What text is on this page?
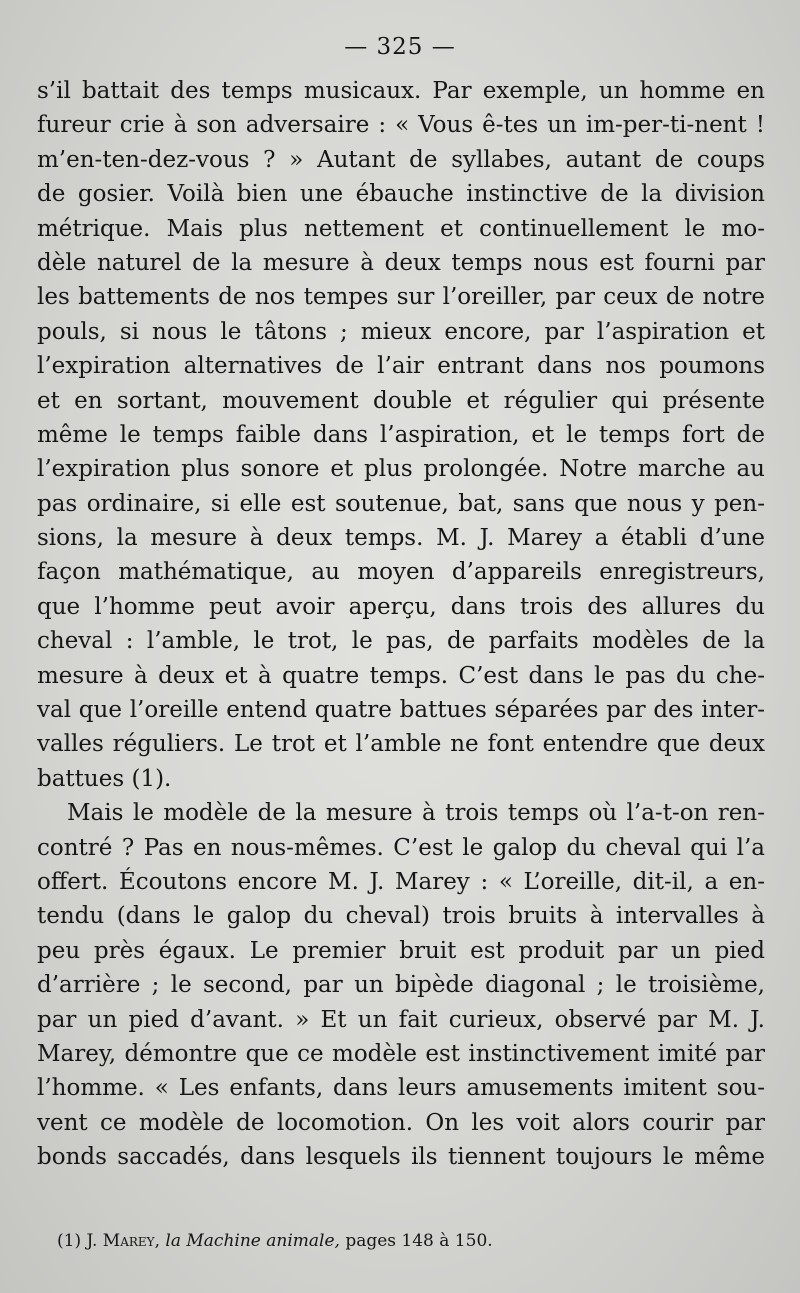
— 325 —
s’il battait des temps musicaux. Par exemple, un homme en
fureur crie à son adversaire : « Vous ê-tes un im-per-ti-nent !
m’en-ten-dez-vous ? » Autant de syllabes, autant de coups
de gosier. Voilà bien une ébauche instinctive de la division
métrique. Mais plus nettement et continuellement le mo-
dèle naturel de la mesure à deux temps nous est fourni par
les battements de nos tempes sur l’oreiller, par ceux de notre
pouls, si nous le tâtons ; mieux encore, par l’aspiration et
l’expiration alternatives de l’air entrant dans nos poumons
et en sortant, mouvement double et régulier qui présente
même le temps faible dans l’aspiration, et le temps fort de
l’expiration plus sonore et plus prolongée. Notre marche au
pas ordinaire, si elle est soutenue, bat, sans que nous y pen-
sions, la mesure à deux temps. M. J. Marey a établi d’une
façon mathématique, au moyen d’appareils enregistreurs,
que l’homme peut avoir aperçu, dans trois des allures du
cheval : l’amble, le trot, le pas, de parfaits modèles de la
mesure à deux et à quatre temps. C’est dans le pas du che-
val que l’oreille entend quatre battues séparées par des inter-
valles réguliers. Le trot et l’amble ne font entendre que deux
battues (1).
Mais le modèle de la mesure à trois temps où l’a-t-on ren-
contré ? Pas en nous-mêmes. C’est le galop du cheval qui l’a
offert. Écoutons encore M. J. Marey : « L’oreille, dit-il, a en-
tendu (dans le galop du cheval) trois bruits à intervalles à
peu près égaux. Le premier bruit est produit par un pied
d’arrière ; le second, par un bipède diagonal ; le troisième,
par un pied d’avant. » Et un fait curieux, observé par M. J.
Marey, démontre que ce modèle est instinctivement imité par
l’homme. « Les enfants, dans leurs amusements imitent sou-
vent ce modèle de locomotion. On les voit alors courir par
bonds saccadés, dans lesquels ils tiennent toujours le même
(1) J. Marey, la Machine animale, pages 148 à 150.
